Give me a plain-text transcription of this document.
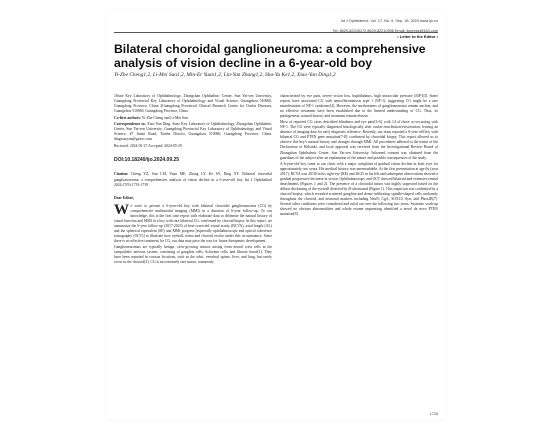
Int J Ophthalmol, Vol. 17, No. 9, Sep. 18, 2024 www.ijo.cn

Tel: 8629-82245172 8629-82210956 Email: ijopress@163.com

• Letter to the Editor •
Bilateral choroidal ganglioneuroma: a comprehensive analysis of vision decline in a 6-year-old boy
Yi-Zhe Cheng1,2, Li-Mei Sun1,2, Min-Er Yuan1,2, Lin-Yan Zhang1,2, Sha-Yu Ke1,2, Xiao-Yan Ding1,2

1State Key Laboratory of Ophthalmology, Zhongshan Ophthalmic Center, Sun Yat-sen University, Guangdong Provincial Key Laboratory of Ophthalmology and Visual Science, Guangzhou 510060, Guangdong Province, China 2Guangdong Provincial Clinical Research Center for Ocular Diseases, Guangzhou 510060, Guangdong Province, China

Co-first authors: Yi-Zhe Cheng and Li-Mei Sun

Correspondence to: Xiao-Yan Ding. State Key Laboratory of Ophthalmology, Zhongshan Ophthalmic Center, Sun Yat-sen University, Guangdong Provincial Key Laboratory of Ophthalmology and Visual Science, #7 Jinsui Road, Tianhe District, Guangzhou 510060, Guangdong Province, China. dingxiaoyan@gzzoc.com

Received: 2024-02-27 Accepted: 2024-05-29

DOI:10.18240/ijo.2024.09.25

Citation: Cheng YZ, Sun LM, Yuan ME, Zhang LY, Ke SY, Ding XY. Bilateral choroidal ganglioneuroma: a comprehensive analysis of vision decline in a 6-year-old boy. Int J Ophthalmol 2024;17(9):1733-1739

Dear Editor,

We write to present a 6-year-old boy with bilateral choroidal ganglioneuroma (CG) by comprehensive multimodal imaging (MMI) in a duration of 6-year follow-up. To our knowledge, this is the first case report with elaborate data to delineate the natural history of visual function and MMI in a boy with rare bilateral CG, confirmed by choroid biopsy. In this report, we summarize the 6-year follow-up (2017-2023) of best-corrected visual acuity (BCVA), axial length (AL) and the spherical equivalent (SE) and MMI progress [especially ophthalmoscope and optical coherence tomography (OCT)] to illustrate how eyeball, retina and choroid evolve under this circumstance. Since there is no effective treatment for CG, our data may pave the way for future therapeutic development.

Ganglioneuromas are typically benign, slow-growing tumors arising from neural crest cells in the sympathetic nervous system, consisting of ganglion cells, Schwann cells, and fibrous tissue[1]. They have been reported in various locations, such as the orbit, vertebral spines, liver, and lung, but rarely occur in the choroid[2]. CG is an extremely rare tumor, commonly

characterized by eye pain, severe vision loss, buphthalmos, high intraocular pressure (IOP)[3]. Some reports have associated CG with neurofibromatosis type 1 (NF-1), suggesting CG might be a rare manifestation of NF-1 syndrome[4]. However, the mechanisms of ganglioneuroma remain unclear, and no effective treatment have been established due to the limited understanding of CG. Thus, its pathogenesis, natural history, and treatment remain elusive.

Most of reported CG cases described blindness and eye pain[3-6], with 14 of those co-occurring with NF-1. The CG were typically diagnosed histologically after ocular enucleation/evisceration, leaving an absence of imaging data for early diagnosis reference. Recently, our team reported a 6-year-old boy with bilateral CG and PTEN gene mutation[7-8], confirmed by choroidal biopsy. This report allowed us to observe this boy's natural history and changes through MMI. All procedures adhered to the tenets of the Declaration of Helsinki, and local approval was received from the Investigational Review Board of Zhongshan Ophthalmic Center, Sun Yat-sen University. Informed consent was obtained from the guardians of the subject after an explanation of the nature and possible consequences of the study.

A 6-year-old boy came to our clinic with a major complaint of gradual vision decline in both eyes for approximately two years. His medical history was unremarkable. At the first presentation at age 6y (year 2017), BCVA was 20/30 in his right eye (RE) and 20/25 in his left and subsequent observations showed a gradual progressive decrease in vision. Ophthalmoscopy and OCT showed bilateral and extensive retinal detachments (Figures 1 and 2). The presence of a choroidal tumor was highly suspected based on the diffuse thickening of the eyewall detected by B-ultrasound (Figure 1). This suspicion was confirmed by a choroid biopsy, which revealed scattered ganglion and dense infiltrating spindle-shaped cells uniformly throughout the choroid, and neuronal markers including NeuN, CgA, SOX10, Syn, and Phox2B[7]. Several other conditions were considered and ruled out over the following two years. Systemic work-up showed no obvious abnormalities and whole exome sequencing identified a novel de novo PTEN mutation[8].

1733
